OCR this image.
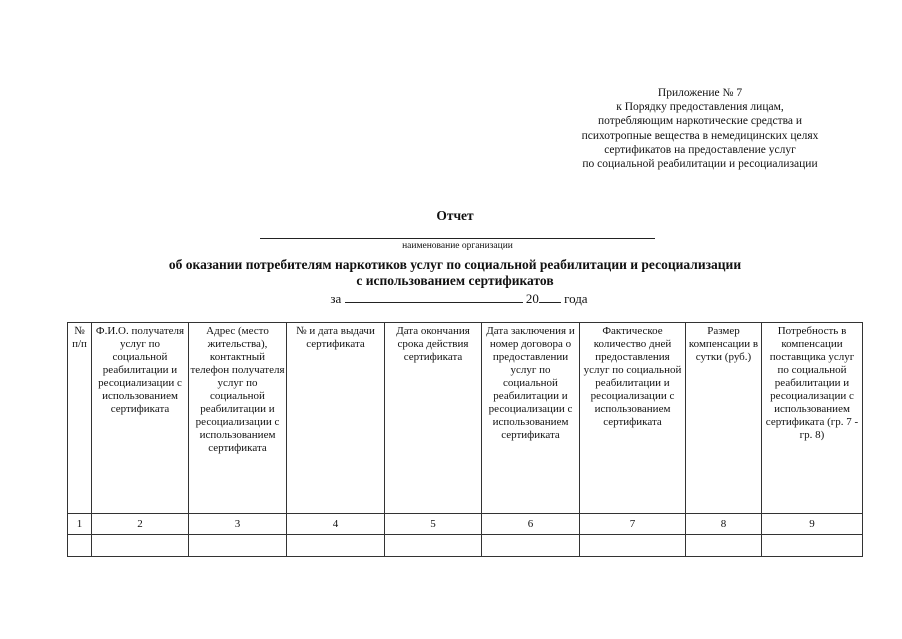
Приложение № 7
к Порядку предоставления лицам,
потребляющим наркотические средства и
психотропные вещества в немедицинских целях
сертификатов на предоставление услуг
по социальной реабилитации и ресоциализации
Отчет
наименование организации
об оказании потребителям наркотиков услуг по социальной реабилитации и ресоциализации
с использованием сертификатов
за	20 года
№ п/п	Ф.И.О. получателя услуг по социальной реабилитации и ресоциализации с использованием сертификата	Адрес (место жительства), контактный телефон получателя услуг по социальной реабилитации и ресоциализации с использованием сертификата	№ и дата выдачи сертификата	Дата окончания срока действия сертификата	Дата заключения и номер договора о предоставлении услуг по социальной реабилитации и ресоциализации с использованием сертификата	Фактическое количество дней предоставления услуг по социальной реабилитации и ресоциализации с использованием сертификата	Размер компенсации в сутки (руб.)	Потребность в компенсации поставщика услуг по социальной реабилитации и ресоциализации с использованием сертификата (гр. 7 - гр. 8)
1	2	3	4	5	6	7	8	9
